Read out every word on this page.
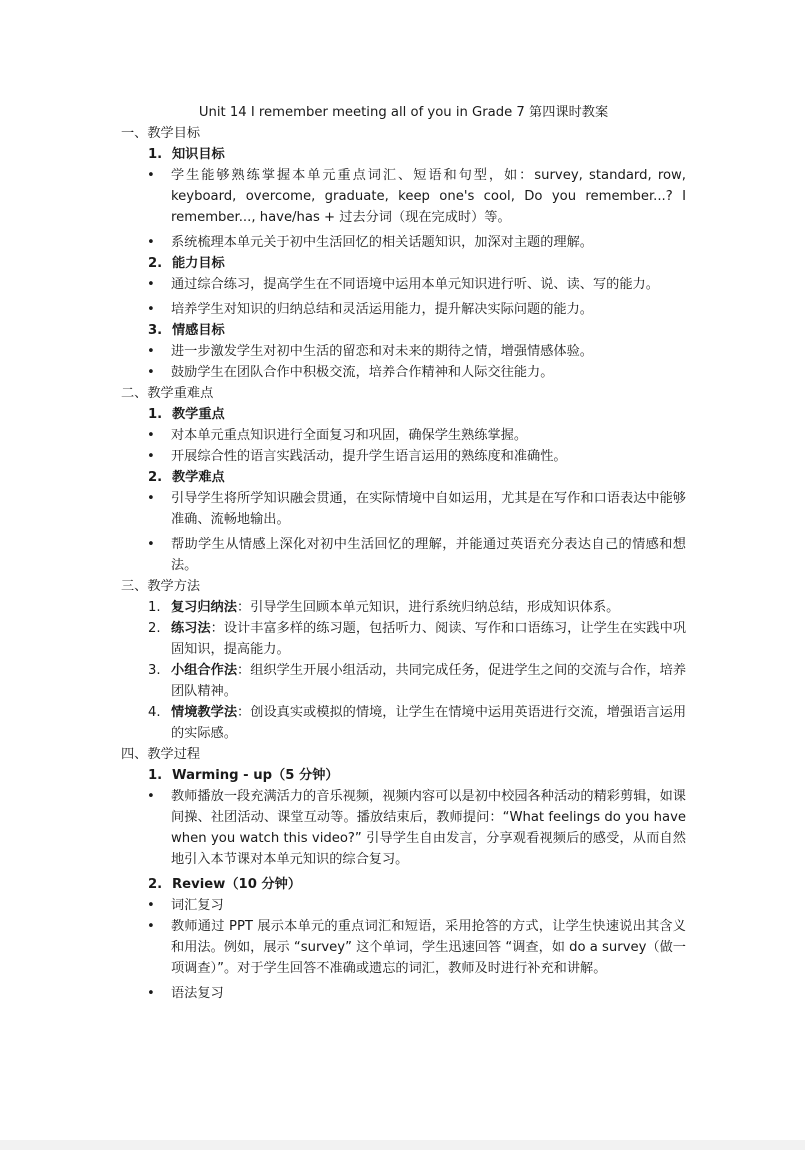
Unit 14 I remember meeting all of you in Grade 7 第四课时教案

一、教学目标

1. 知识目标

• 学生能够熟练掌握本单元重点词汇、短语和句型，如：survey, standard, row, keyboard, overcome, graduate, keep one's cool, Do you remember...? I remember..., have/has + 过去分词（现在完成时）等。

• 系统梳理本单元关于初中生活回忆的相关话题知识，加深对主题的理解。

2. 能力目标

• 通过综合练习，提高学生在不同语境中运用本单元知识进行听、说、读、写的能力。

• 培养学生对知识的归纳总结和灵活运用能力，提升解决实际问题的能力。

3. 情感目标

• 进一步激发学生对初中生活的留恋和对未来的期待之情，增强情感体验。

• 鼓励学生在团队合作中积极交流，培养合作精神和人际交往能力。

二、教学重难点

1. 教学重点

• 对本单元重点知识进行全面复习和巩固，确保学生熟练掌握。

• 开展综合性的语言实践活动，提升学生语言运用的熟练度和准确性。

2. 教学难点

• 引导学生将所学知识融会贯通，在实际情境中自如运用，尤其是在写作和口语表达中能够准确、流畅地输出。

• 帮助学生从情感上深化对初中生活回忆的理解，并能通过英语充分表达自己的情感和想法。

三、教学方法

1. 复习归纳法：引导学生回顾本单元知识，进行系统归纳总结，形成知识体系。

2. 练习法：设计丰富多样的练习题，包括听力、阅读、写作和口语练习，让学生在实践中巩固知识，提高能力。

3. 小组合作法：组织学生开展小组活动，共同完成任务，促进学生之间的交流与合作，培养团队精神。

4. 情境教学法：创设真实或模拟的情境，让学生在情境中运用英语进行交流，增强语言运用的实际感。

四、教学过程

1. Warming - up（5 分钟）

• 教师播放一段充满活力的音乐视频，视频内容可以是初中校园各种活动的精彩剪辑，如课间操、社团活动、课堂互动等。播放结束后，教师提问：“What feelings do you have when you watch this video?” 引导学生自由发言，分享观看视频后的感受，从而自然地引入本节课对本单元知识的综合复习。

2. Review（10 分钟）

• 词汇复习

• 教师通过 PPT 展示本单元的重点词汇和短语，采用抢答的方式，让学生快速说出其含义和用法。例如，展示 “survey” 这个单词，学生迅速回答 “调查，如 do a survey（做一项调查）”。对于学生回答不准确或遗忘的词汇，教师及时进行补充和讲解。

• 语法复习
